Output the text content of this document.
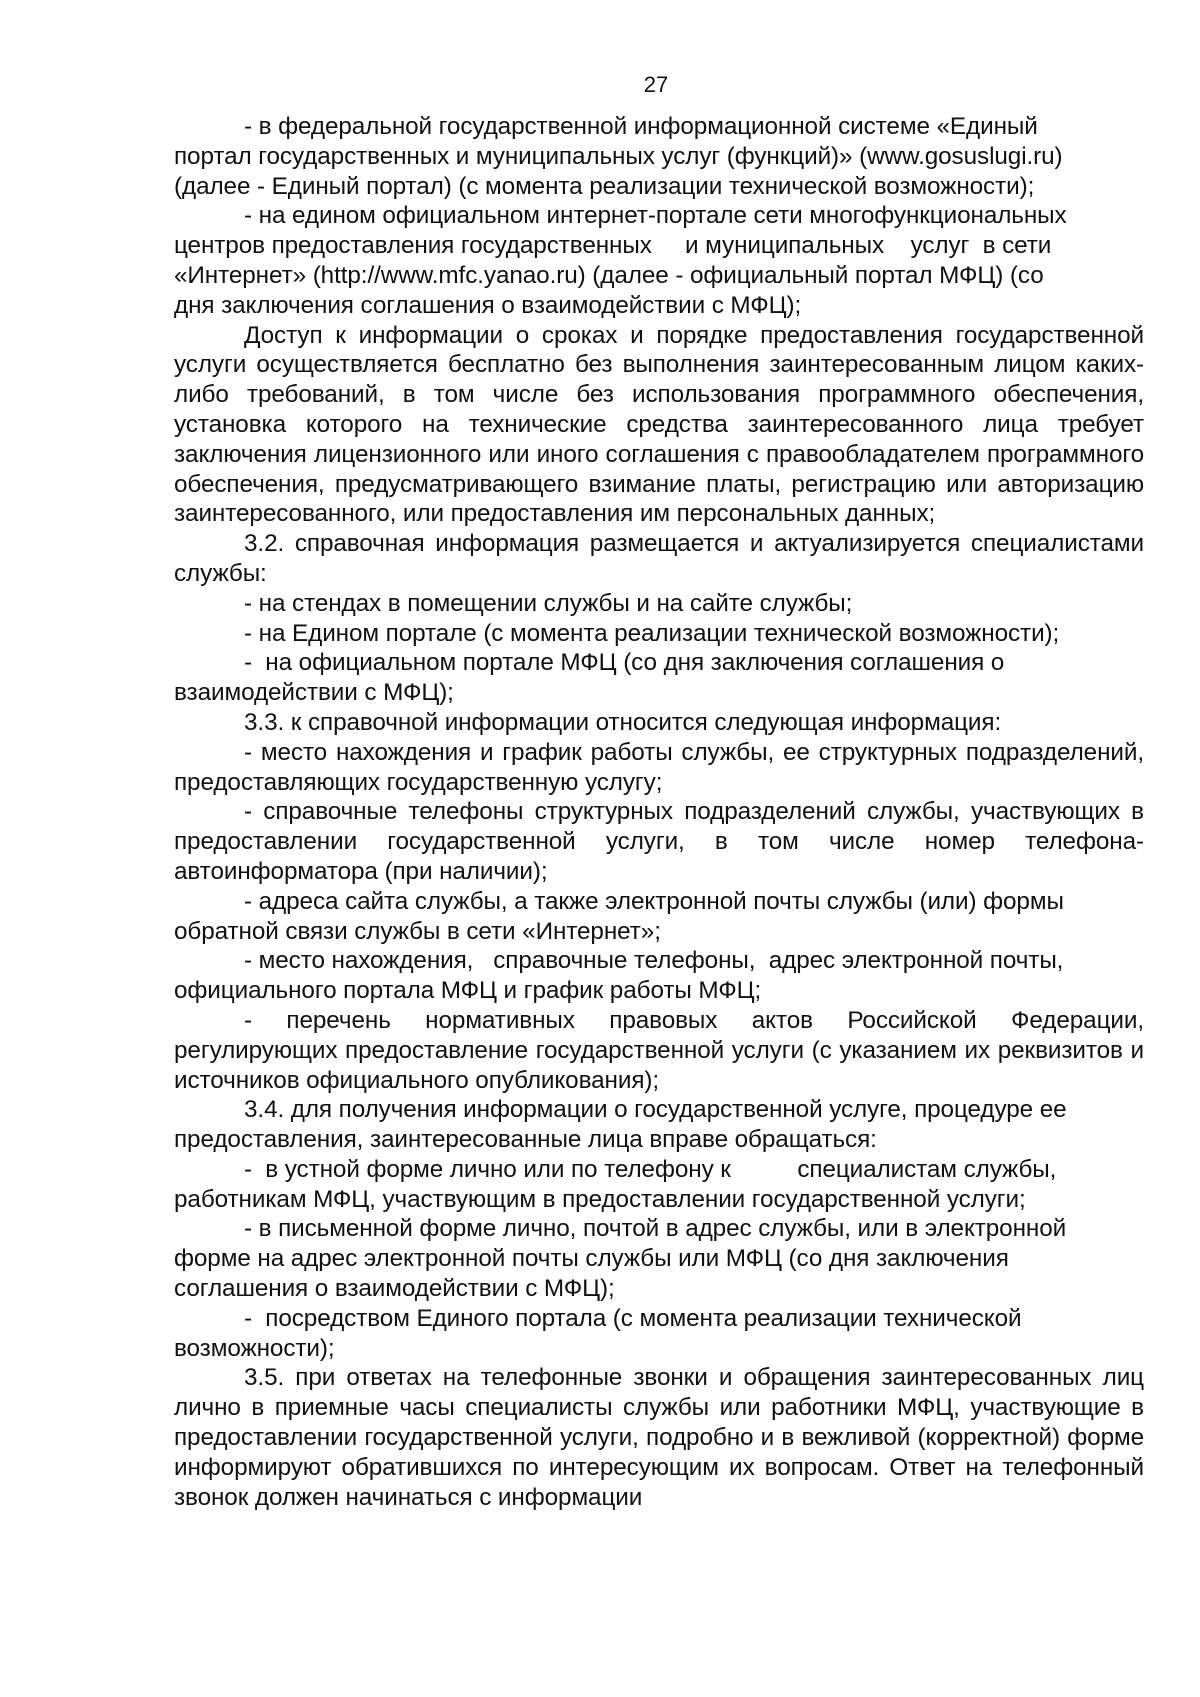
27

- в федеральной государственной информационной системе «Единый
портал государственных и муниципальных услуг (функций)» (www.gosuslugi.ru)
(далее - Единый портал) (с момента реализации технической возможности);

- на едином официальном интернет-портале сети многофункциональных
центров предоставления государственных     и муниципальных    услуг  в сети
«Интернет» (http://www.mfc.yanao.ru) (далее - официальный портал МФЦ) (со
дня заключения соглашения о взаимодействии с МФЦ);

Доступ к информации о сроках и порядке предоставления государственной услуги осуществляется бесплатно без выполнения заинтересованным лицом каких-либо требований, в том числе без использования программного обеспечения, установка которого на технические средства заинтересованного лица требует заключения лицензионного или иного соглашения с правообладателем программного обеспечения, предусматривающего взимание платы, регистрацию или авторизацию заинтересованного, или предоставления им персональных данных;

3.2. справочная информация размещается и актуализируется специалистами службы:

- на стендах в помещении службы и на сайте службы;

- на Едином портале (с момента реализации технической возможности);

-  на официальном портале МФЦ (со дня заключения соглашения о
взаимодействии с МФЦ);

3.3. к справочной информации относится следующая информация:

- место нахождения и график работы службы, ее структурных подразделений, предоставляющих государственную услугу;

- справочные телефоны структурных подразделений службы, участвующих в предоставлении государственной услуги, в том числе номер телефона-автоинформатора (при наличии);

- адреса сайта службы, а также электронной почты службы (или) формы
обратной связи службы в сети «Интернет»;

- место нахождения,   справочные телефоны,  адрес электронной почты,
официального портала МФЦ и график работы МФЦ;

- перечень нормативных правовых актов Российской Федерации, регулирующих предоставление государственной услуги (с указанием их реквизитов и источников официального опубликования);

3.4. для получения информации о государственной услуге, процедуре ее
предоставления, заинтересованные лица вправе обращаться:

-  в устной форме лично или по телефону к          специалистам службы,
работникам МФЦ, участвующим в предоставлении государственной услуги;

- в письменной форме лично, почтой в адрес службы, или в электронной
форме на адрес электронной почты службы или МФЦ (со дня заключения
соглашения о взаимодействии с МФЦ);

-  посредством Единого портала (с момента реализации технической
возможности);

3.5. при ответах на телефонные звонки и обращения заинтересованных лиц лично в приемные часы специалисты службы или работники МФЦ, участвующие в предоставлении государственной услуги, подробно и в вежливой (корректной) форме информируют обратившихся по интересующим их вопросам. Ответ на телефонный звонок должен начинаться с информации
